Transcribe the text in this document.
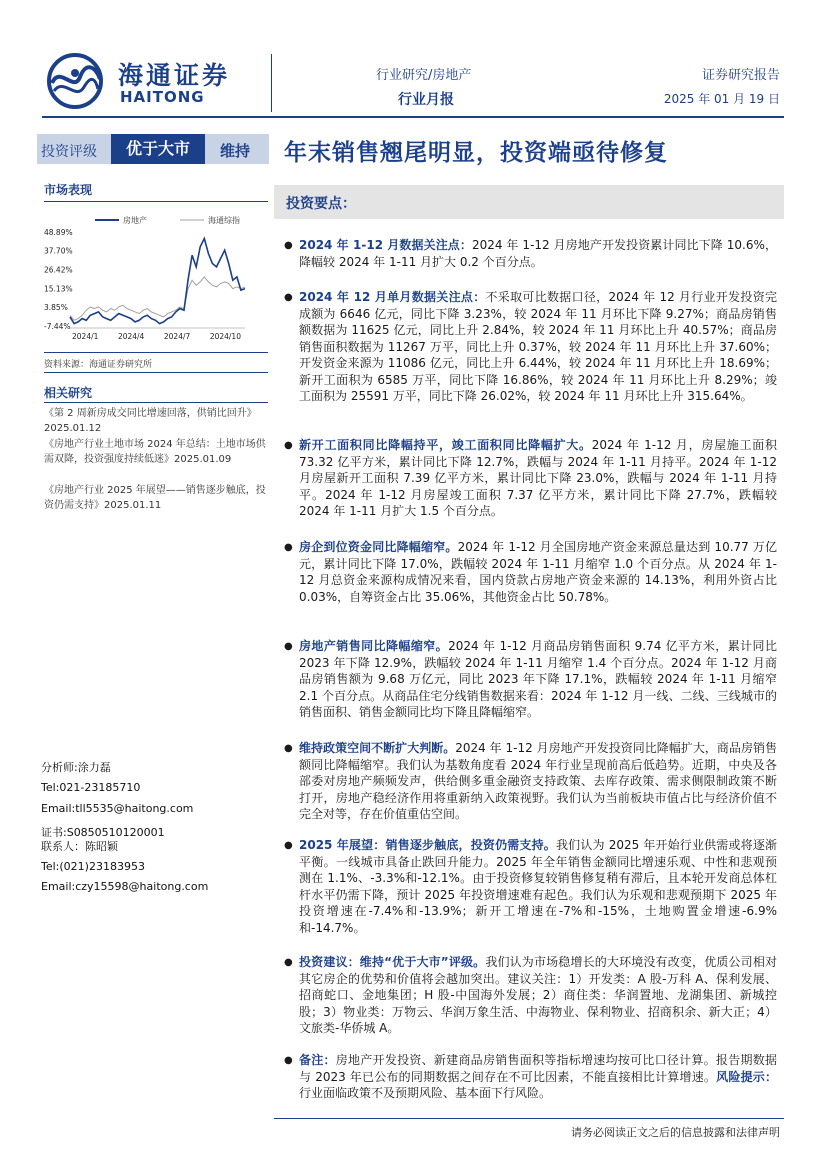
海通证券
HAITONG
行业研究/房地产
行业月报
证券研究报告
2025 年 01 月 19 日
投资评级	优于大市	维持 年末销售翘尾明显，投资端亟待修复
市场表现
房地产	海通综指
48.89%
37.70%
26.42%
15.13%
3.85%
-7.44%
2024/1	2024/4	2024/7	2024/10
资料来源：海通证券研究所
相关研究
《第 2 周新房成交同比增速回落，供销比回升》2025.01.12
《房地产行业土地市场 2024 年总结：土地市场供需双降，投资强度持续低迷》2025.01.09
《房地产行业 2025 年展望——销售逐步触底，投资仍需支持》2025.01.11
分析师:涂力磊
Tel:021-23185710
Email:tll5535@haitong.com
证书:S0850510120001
联系人：陈昭颖
Tel:(021)23183953
Email:czy15598@haitong.com
投资要点：
● 2024 年 1-12 月数据关注点：2024 年 1-12 月房地产开发投资累计同比下降 10.6%，降幅较 2024 年 1-11 月扩大 0.2 个百分点。
● 2024 年 12 月单月数据关注点：不采取可比数据口径，2024 年 12 月行业开发投资完成额为 6646 亿元，同比下降 3.23%，较 2024 年 11 月环比下降 9.27%；商品房销售额数据为 11625 亿元，同比上升 2.84%，较 2024 年 11 月环比上升 40.57%；商品房销售面积数据为 11267 万平，同比上升 0.37%，较 2024 年 11 月环比上升 37.60%；开发资金来源为 11086 亿元，同比上升 6.44%，较 2024 年 11 月环比上升 18.69%；新开工面积为 6585 万平，同比下降 16.86%，较 2024 年 11 月环比上升 8.29%；竣工面积为 25591 万平，同比下降 26.02%，较 2024 年 11 月环比上升 315.64%。
● 新开工面积同比降幅持平，竣工面积同比降幅扩大。2024 年 1-12 月，房屋施工面积 73.32 亿平方米，累计同比下降 12.7%，跌幅与 2024 年 1-11 月持平。2024 年 1-12 月房屋新开工面积 7.39 亿平方米，累计同比下降 23.0%，跌幅与 2024 年 1-11 月持平。2024 年 1-12 月房屋竣工面积 7.37 亿平方米，累计同比下降 27.7%，跌幅较 2024 年 1-11 月扩大 1.5 个百分点。
● 房企到位资金同比降幅缩窄。2024 年 1-12 月全国房地产资金来源总量达到 10.77 万亿元，累计同比下降 17.0%，跌幅较 2024 年 1-11 月缩窄 1.0 个百分点。从 2024 年 1-12 月总资金来源构成情况来看，国内贷款占房地产资金来源的 14.13%，利用外资占比 0.03%，自筹资金占比 35.06%，其他资金占比 50.78%。
● 房地产销售同比降幅缩窄。2024 年 1-12 月商品房销售面积 9.74 亿平方米，累计同比 2023 年下降 12.9%，跌幅较 2024 年 1-11 月缩窄 1.4 个百分点。2024 年 1-12 月商品房销售额为 9.68 万亿元，同比 2023 年下降 17.1%，跌幅较 2024 年 1-11 月缩窄 2.1 个百分点。从商品住宅分线销售数据来看：2024 年 1-12 月一线、二线、三线城市的销售面积、销售金额同比均下降且降幅缩窄。
● 维持政策空间不断扩大判断。2024 年 1-12 月房地产开发投资同比降幅扩大，商品房销售额同比降幅缩窄。我们认为基数角度看 2024 年行业呈现前高后低趋势。近期，中央及各部委对房地产频频发声，供给侧多重金融资支持政策、去库存政策、需求侧限制政策不断打开，房地产稳经济作用将重新纳入政策视野。我们认为当前板块市值占比与经济价值不完全对等，存在价值重估空间。
● 2025 年展望：销售逐步触底，投资仍需支持。我们认为 2025 年开始行业供需或将逐渐平衡。一线城市具备止跌回升能力。2025 年全年销售金额同比增速乐观、中性和悲观预测在 1.1%、-3.3%和-12.1%。由于投资修复较销售修复稍有滞后，且本轮开发商总体杠杆水平仍需下降，预计 2025 年投资增速难有起色。我们认为乐观和悲观预期下 2025 年投资增速在-7.4%和-13.9%；新开工增速在-7%和-15%，土地购置金增速-6.9%和-14.7%。
● 投资建议：维持“优于大市”评级。我们认为市场稳增长的大环境没有改变，优质公司相对其它房企的优势和价值将会越加突出。建议关注：1）开发类：A 股-万科 A、保利发展、招商蛇口、金地集团；H 股-中国海外发展；2）商住类：华润置地、龙湖集团、新城控股；3）物业类：万物云、华润万象生活、中海物业、保利物业、招商积余、新大正；4）文旅类-华侨城 A。
● 备注：房地产开发投资、新建商品房销售面积等指标增速均按可比口径计算。报告期数据与 2023 年已公布的同期数据之间存在不可比因素，不能直接相比计算增速。风险提示：行业面临政策不及预期风险、基本面下行风险。
请务必阅读正文之后的信息披露和法律声明
